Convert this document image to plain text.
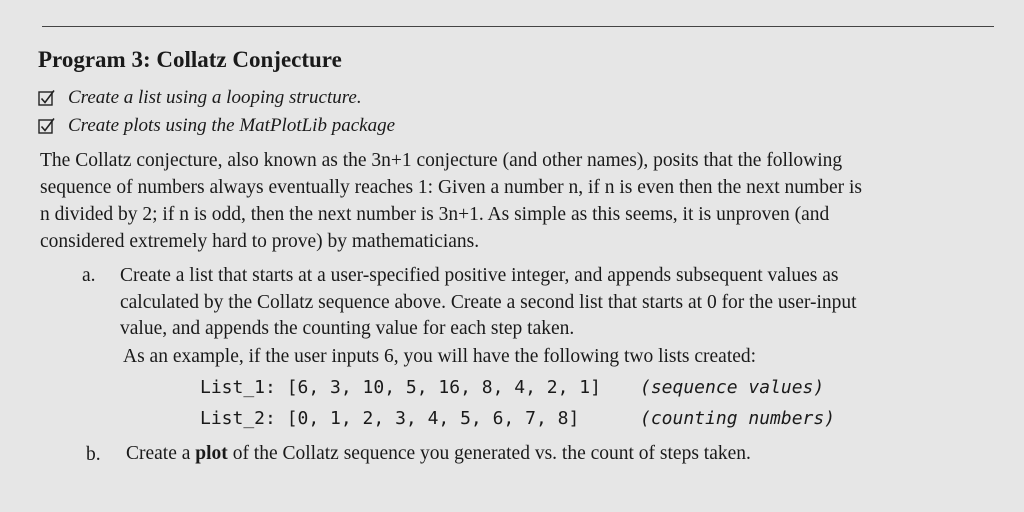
Program 3: Collatz Conjecture
Create a list using a looping structure.
Create plots using the MatPlotLib package
The Collatz conjecture, also known as the 3n+1 conjecture (and other names), posits that the following
sequence of numbers always eventually reaches 1: Given a number n, if n is even then the next number is
n divided by 2; if n is odd, then the next number is 3n+1. As simple as this seems, it is unproven (and
considered extremely hard to prove) by mathematicians.
a. Create a list that starts at a user-specified positive integer, and appends subsequent values as
calculated by the Collatz sequence above. Create a second list that starts at 0 for the user-input
value, and appends the counting value for each step taken.
As an example, if the user inputs 6, you will have the following two lists created:
List_1: [6, 3, 10, 5, 16, 8, 4, 2, 1] (sequence values)
List_2: [0, 1, 2, 3, 4, 5, 6, 7, 8]	(counting numbers)
b. Create a plot of the Collatz sequence you generated vs. the count of steps taken.
